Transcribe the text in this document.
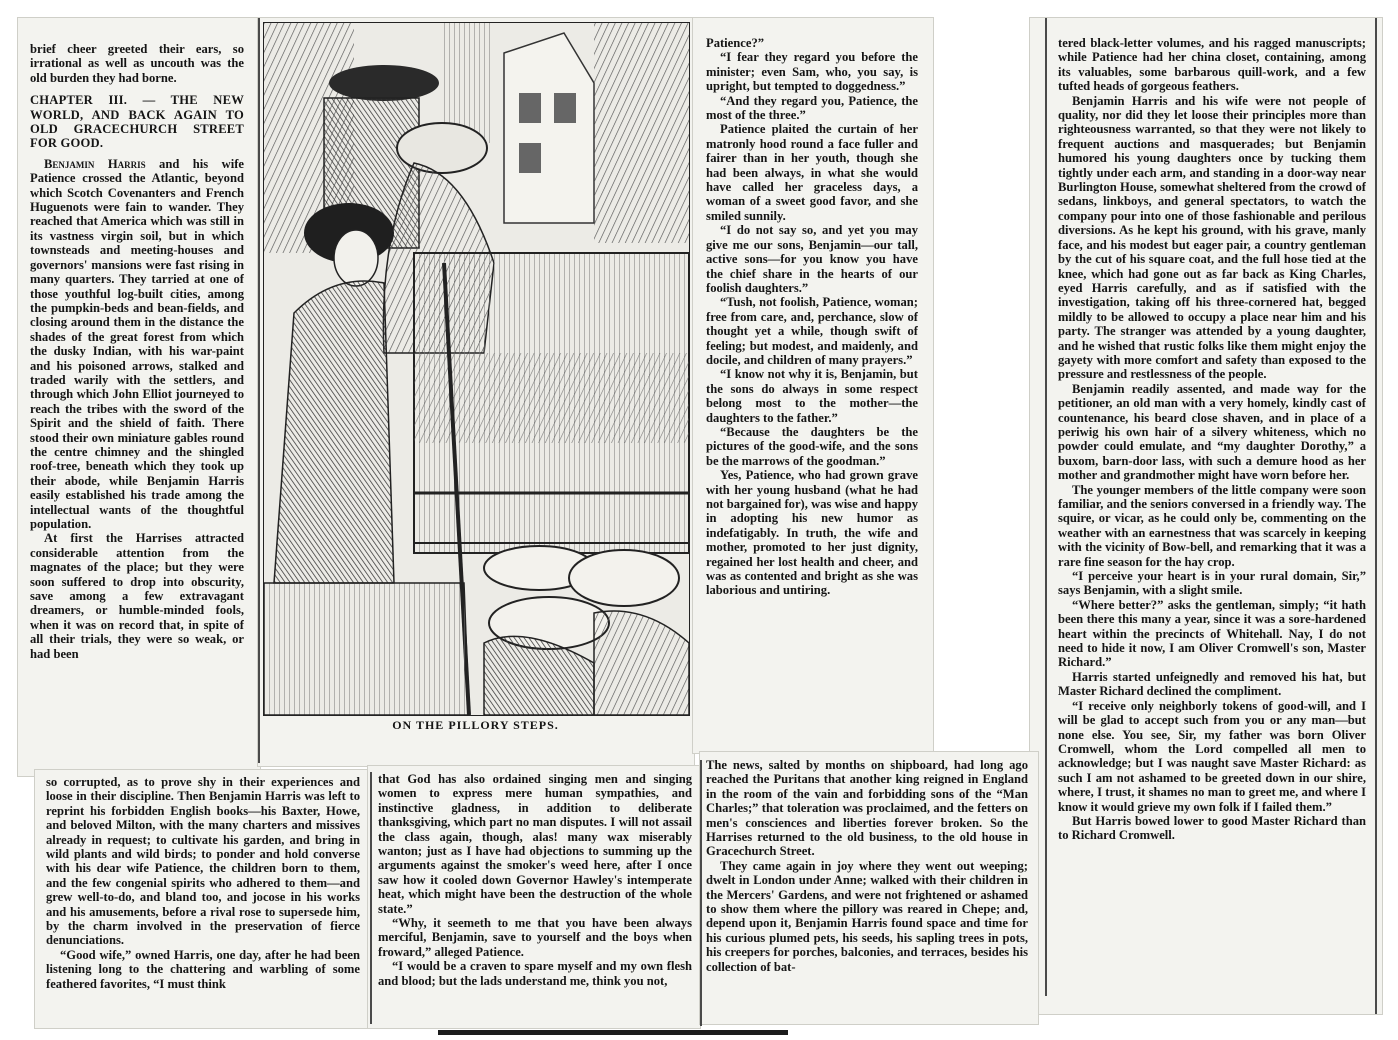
brief cheer greeted their ears, so irrational as well as uncouth was the old burden they had borne.

CHAPTER III. — THE NEW WORLD, AND BACK AGAIN TO OLD GRACECHURCH STREET FOR GOOD.

Benjamin Harris and his wife Patience crossed the Atlantic, beyond which Scotch Covenanters and French Huguenots were fain to wander. They reached that America which was still in its vastness virgin soil, but in which townsteads and meeting-houses and governors' mansions were fast rising in many quarters. They tarried at one of those youthful log-built cities, among the pumpkin-beds and bean-fields, and closing around them in the distance the shades of the great forest from which the dusky Indian, with his war-paint and his poisoned arrows, stalked and traded warily with the settlers, and through which John Elliot journeyed to reach the tribes with the sword of the Spirit and the shield of faith. There stood their own miniature gables round the centre chimney and the shingled roof-tree, beneath which they took up their abode, while Benjamin Harris easily established his trade among the intellectual wants of the thoughtful population.

At first the Harrises attracted considerable attention from the magnates of the place; but they were soon suffered to drop into obscurity, save among a few extravagant dreamers, or humble-minded fools, when it was on record that, in spite of all their trials, they were so weak, or had been

ON THE PILLORY STEPS.

Patience?”

“I fear they regard you before the minister; even Sam, who, you say, is upright, but tempted to doggedness.”

“And they regard you, Patience, the most of the three.”

Patience plaited the curtain of her matronly hood round a face fuller and fairer than in her youth, though she had been always, in what she would have called her graceless days, a woman of a sweet good favor, and she smiled sunnily.

“I do not say so, and yet you may give me our sons, Benjamin—our tall, active sons—for you know you have the chief share in the hearts of our foolish daughters.”

“Tush, not foolish, Patience, woman; free from care, and, perchance, slow of thought yet a while, though swift of feeling; but modest, and maidenly, and docile, and children of many prayers.”

“I know not why it is, Benjamin, but the sons do always in some respect belong most to the mother—the daughters to the father.”

“Because the daughters be the pictures of the good-wife, and the sons be the marrows of the goodman.”

Yes, Patience, who had grown grave with her young husband (what he had not bargained for), was wise and happy in adopting his new humor as indefatigably. In truth, the wife and mother, promoted to her just dignity, regained her lost health and cheer, and was as contented and bright as she was laborious and untiring.

tered black-letter volumes, and his ragged manuscripts; while Patience had her china closet, containing, among its valuables, some barbarous quill-work, and a few tufted heads of gorgeous feathers.

Benjamin Harris and his wife were not people of quality, nor did they let loose their principles more than righteousness warranted, so that they were not likely to frequent auctions and masquerades; but Benjamin humored his young daughters once by tucking them tightly under each arm, and standing in a door-way near Burlington House, somewhat sheltered from the crowd of sedans, linkboys, and general spectators, to watch the company pour into one of those fashionable and perilous diversions. As he kept his ground, with his grave, manly face, and his modest but eager pair, a country gentleman by the cut of his square coat, and the full hose tied at the knee, which had gone out as far back as King Charles, eyed Harris carefully, and as if satisfied with the investigation, taking off his three-cornered hat, begged mildly to be allowed to occupy a place near him and his party. The stranger was attended by a young daughter, and he wished that rustic folks like them might enjoy the gayety with more comfort and safety than exposed to the pressure and restlessness of the people.

Benjamin readily assented, and made way for the petitioner, an old man with a very homely, kindly cast of countenance, his beard close shaven, and in place of a periwig his own hair of a silvery whiteness, which no powder could emulate, and “my daughter Dorothy,” a buxom, barn-door lass, with such a demure hood as her mother and grandmother might have worn before her.

The younger members of the little company were soon familiar, and the seniors conversed in a friendly way. The squire, or vicar, as he could only be, commenting on the weather with an earnestness that was scarcely in keeping with the vicinity of Bow-bell, and remarking that it was a rare fine season for the hay crop.

“I perceive your heart is in your rural domain, Sir,” says Benjamin, with a slight smile.

“Where better?” asks the gentleman, simply; “it hath been there this many a year, since it was a sore-hardened heart within the precincts of Whitehall. Nay, I do not need to hide it now, I am Oliver Cromwell's son, Master Richard.”

Harris started unfeignedly and removed his hat, but Master Richard declined the compliment.

“I receive only neighborly tokens of good-will, and I will be glad to accept such from you or any man—but none else. You see, Sir, my father was born Oliver Cromwell, whom the Lord compelled all men to acknowledge; but I was naught save Master Richard: as such I am not ashamed to be greeted down in our shire, where, I trust, it shames no man to greet me, and where I know it would grieve my own folk if I failed them.”

But Harris bowed lower to good Master Richard than to Richard Cromwell.

so corrupted, as to prove shy in their experiences and loose in their discipline. Then Benjamin Harris was left to reprint his forbidden English books—his Baxter, Howe, and beloved Milton, with the many charters and missives already in request; to cultivate his garden, and bring in wild plants and wild birds; to ponder and hold converse with his dear wife Patience, the children born to them, and the few congenial spirits who adhered to them—and grew well-to-do, and bland too, and jocose in his works and his amusements, before a rival rose to supersede him, by the charm involved in the preservation of fierce denunciations.

“Good wife,” owned Harris, one day, after he had been listening long to the chattering and warbling of some feathered favorites, “I must think

that God has also ordained singing men and singing women to express mere human sympathies, and instinctive gladness, in addition to deliberate thanksgiving, which part no man disputes. I will not assail the class again, though, alas! many wax miserably wanton; just as I have had objections to summing up the arguments against the smoker's weed here, after I once saw how it cooled down Governor Hawley's intemperate heat, which might have been the destruction of the whole state.”

“Why, it seemeth to me that you have been always merciful, Benjamin, save to yourself and the boys when froward,” alleged Patience.

“I would be a craven to spare myself and my own flesh and blood; but the lads understand me, think you not,

The news, salted by months on shipboard, had long ago reached the Puritans that another king reigned in England in the room of the vain and forbidding sons of the “Man Charles;” that toleration was proclaimed, and the fetters on men's consciences and liberties forever broken. So the Harrises returned to the old business, to the old house in Gracechurch Street.

They came again in joy where they went out weeping; dwelt in London under Anne; walked with their children in the Mercers' Gardens, and were not frightened or ashamed to show them where the pillory was reared in Chepe; and, depend upon it, Benjamin Harris found space and time for his curious plumed pets, his seeds, his sapling trees in pots, his creepers for porches, balconies, and terraces, besides his collection of bat-
